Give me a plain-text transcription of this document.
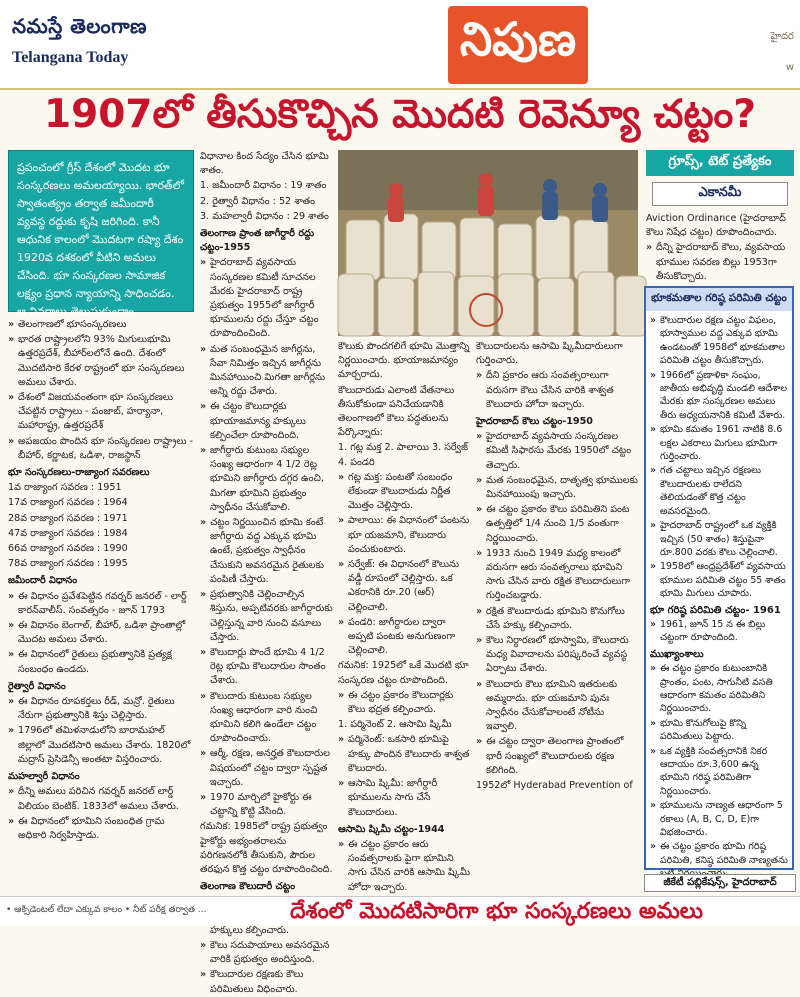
నమస్తే తెలంగాణ
Telangana Today	నిపుణ	హైదర
w
1907లో తీసుకొచ్చిన మొదటి రెవెన్యూ చట్టం?
ప్రపంచంలో గ్రీస్ దేశంలో మొదట భూ సంస్కరణలు అమలయ్యాయి. భారత్‌లో స్వాతంత్య్రం తర్వాత జమీందారీ వ్యవస్థ రద్దుకు కృషి జరిగింది. కానీ ఆధునిక కాలంలో మొదటగా రష్యా దేశం 1920వ దశకంలో వీటిని అమలు చేసింది. భూ సంస్కరణల సామాజిక లక్ష్యం ప్రధాన న్యాయాన్ని సాధించడం. ఆ వివరాలు తెలుసుకుందాం.
» తెలంగాణలో భూసంస్కరణలు
» భారత రాష్ట్రాలలోని 93% మిగులుభూమి ఉత్తరప్రదేశ్, బీహార్‌లలోనే ఉంది. దేశంలో మొదటిసారి కేరళ రాష్ట్రంలో భూ సంస్కరణలు అమలు చేశారు.
» దేశంలో విజయవంతంగా భూ సంస్కరణలు చేపట్టిన రాష్ట్రాలు - పంజాబ్, హర్యానా, మహారాష్ట్ర, ఉత్తరప్రదేశ్
» అపజయం పొందిన భూ సంస్కరణల రాష్ట్రాలు - బీహార్, కర్ణాటక, ఒడిశా, రాజస్థాన్
భూ సంస్కరణలు-రాజ్యాంగ సవరణలు
1వ రాజ్యాంగ సవరణ : 1951
17వ రాజ్యాంగ సవరణ : 1964
28వ రాజ్యాంగ సవరణ : 1971
47వ రాజ్యాంగ సవరణ : 1984
66వ రాజ్యాంగ సవరణ : 1990
78వ రాజ్యాంగ సవరణ : 1995
జమీందారీ విధానం
» ఈ విధానం ప్రవేశపెట్టిన గవర్నర్ జనరల్ - లార్డ్ కారన్‌వాలీస్. సంవత్సరం - జూన్ 1793
» ఈ విధానం బెంగాల్, బీహార్, ఒడిశా ప్రాంతాల్లో మొదట అమలు చేశారు.
» ఈ విధానంలో రైతులు ప్రభుత్వానికి ప్రత్యక్ష సంబంధం ఉండదు.
రైత్వారీ విధానం
» ఈ విధానం రూపకర్తలు రీడ్, మన్రో. రైతులు నేరుగా ప్రభుత్వానికి శిస్తు చెల్లిస్తారు.
» 1796లో తమిళనాడులోని బారామహల్ జిల్లాలో మొదటిసారి అమలు చేశారు. 1820లో మద్రాస్ ప్రెసిడెన్సీ అంతటా విస్తరించారు.
మహల్వారీ విధానం
» దీన్ని అమలు పరిచిన గవర్నర్ జనరల్ లార్డ్ విలియం బెంటిక్. 1833లో అమలు చేశారు.
» ఈ విధానంలో భూమిని సంబంధిత గ్రామ అధికారి నిర్వహిస్తాడు.
విధానాల కింద సేద్యం చేసిన భూమి శాతం.
1. జమీందారీ విధానం : 19 శాతం
2. రైత్వారీ విధానం : 52 శాతం
3. మహల్వారీ విధానం : 29 శాతం
తెలంగాణ ప్రాంత జాగీర్దారీ రద్దు చట్టం-1955
» హైదరాబాద్ వ్యవసాయ సంస్కరణల కమిటీ సూచనల మేరకు హైదరాబాద్ రాష్ట్ర ప్రభుత్వం 1955లో జాగీర్దారీ భూములను రద్దు చేస్తూ చట్టం రూపొందించింది.
» మత సంబంధమైన జాగీర్లను, సేవా నిమిత్తం ఇచ్చిన జాగీర్లను మినహాయించి మిగతా జాగీర్లను అన్ని రద్దు చేశారు.
» ఈ చట్టం కౌలుదార్లకు భూయాజమాన్య హక్కులు కల్పించేలా రూపొందింది.
» జాగీర్దారు కుటుంబ సభ్యుల సంఖ్య ఆధారంగా 4 1/2 రెట్ల భూమిని జాగీర్దారు దగ్గర ఉంచి, మిగతా భూమిని ప్రభుత్వం స్వాధీనం చేసుకోవాలి.
» చట్టం నిర్ణయించిన భూమి కంటే జాగీర్దారు వద్ద ఎక్కువ భూమి ఉంటే, ప్రభుత్వం స్వాధీనం చేసుకుని అవసరమైన రైతులకు పంపిణీ చేస్తారు.
» ప్రభుత్వానికి చెల్లించాల్సిన శిస్తును, అప్పటివరకు జాగీర్దారుకు చెల్లిస్తున్న వారి నుంచి వసూలు చేస్తారు.
» కౌలుదార్లు పొందే భూమి 4 1/2 రెట్ల భూమి కౌలుదారుల సొంతం చేశారు.
» కౌలుదారు కుటుంబ సభ్యుల సంఖ్య ఆధారంగా వారి నుంచి భూమిని కలిగి ఉండేలా చట్టం రూపొందించారు.
» ఆర్మీ, రక్షణ, అనర్హత కౌలుదారుల విషయంలో చట్టం ద్వారా స్పష్టత ఇచ్చారు.
» 1970 మార్చిలో హైకోర్టు ఈ చట్టాన్ని కొట్టి వేసింది.
గమనిక: 1985లో రాష్ట్ర ప్రభుత్వం హైకోర్టు అభ్యంతరాలను పరిగణనలోకి తీసుకుని, పౌరుల తరఫున కొత్త చట్టం రూపొందించింది.
తెలంగాణ కౌలుదారీ చట్టం
» హక్కులు కల్పించారు.
» కౌలు సదుపాయాలు అవసరమైన వారికి ప్రభుత్వం అందిస్తుంది.
» కౌలుదారుల రక్షణకు కౌలు పరిమితులు విధించారు.
కౌలుకు పొందగలిగే భూమి మొత్తాన్ని నిర్ణయించారు. భూయాజమాన్యం మార్చరాదు.
కౌలుదారుడు ఎలాంటి వేతనాలు తీసుకోకుండా పనిచేయడానికి తెలంగాణలో కౌలు పద్ధతులను పేర్కొన్నారు:
1. గట్ల మక్త 2. పాలాయి 3. సర్వేజ్ 4. పండరి
» గట్ల మక్త: పంటతో సంబంధం లేకుండా కౌలుదారుడు నిర్ణీత మొత్తం చెల్లిస్తారు.
» పాలాయి: ఈ విధానంలో పంటను భూ యజమాని, కౌలుదారు పంచుకుంటారు.
» సర్వేజ్: ఈ విధానంలో కౌలును వడ్డీ రూపంలో చెల్లిస్తారు. ఒక ఎకరానికి రూ.20 (ఆర్) చెల్లించాలి.
» పండరి: జాగీర్దారుల ద్వారా అప్పటి పంటకు అనుగుణంగా చెల్లించాలి.
గమనిక: 1925లో ఒకే మొదటి భూ సంస్కరణ చట్టం రూపొందింది.
» ఈ చట్టం ప్రకారం కౌలుదార్లకు కౌలు భద్రత కల్పించారు.
1. పర్మినెంట్ 2. ఆసామి ష్కిమీ
» పర్మినెంట్: ఒకసారి భూమిపై హక్కు పొందిన కౌలుదారు శాశ్వత కౌలుదారు.
» ఆసామి ష్కిమీ: జాగీర్దారీ భూములను సాగు చేసే కౌలుదారులు.
ఆసామి ష్కిమీ చట్టం-1944
» ఈ చట్టం ప్రకారం ఆరు సంవత్సరాలకు పైగా భూమిని సాగు చేసిన వారికి ఆసామి ష్కిమీ హోదా ఇచ్చారు.
కౌలుదారులను ఆసామి ష్కిమీదారులుగా గుర్తించారు.
» దీని ప్రకారం ఆరు సంవత్సరాలుగా వరుసగా కౌలు చేసిన వారికి శాశ్వత కౌలుదారు హోదా ఇచ్చారు.
హైదరాబాద్ కౌలు చట్టం-1950
» హైదరాబాద్ వ్యవసాయ సంస్కరణల కమిటీ సిఫారసు మేరకు 1950లో చట్టం తెచ్చారు.
» మత సంబంధమైన, దాతృత్వ భూములకు మినహాయింపు ఇచ్చారు.
» ఈ చట్టం ప్రకారం కౌలు పరిమితిని పంట ఉత్పత్తిలో 1/4 నుంచి 1/5 వంతుగా నిర్ణయించారు.
» 1933 నుంచి 1949 మధ్య కాలంలో వరుసగా ఆరు సంవత్సరాలు భూమిని సాగు చేసిన వారు రక్షిత కౌలుదారులుగా గుర్తించబడ్డారు.
» రక్షిత కౌలుదారుడు భూమిని కొనుగోలు చేసే హక్కు కల్పించారు.
» కౌలు నిర్ధారణలో భూస్వామి, కౌలుదారు మధ్య వివాదాలను పరిష్కరించే వ్యవస్థ ఏర్పాటు చేశారు.
» కౌలుదారు కౌలు భూమిని ఇతరులకు అమ్మరాదు. భూ యజమాని పునః స్వాధీనం చేసుకోవాలంటే నోటీసు ఇవ్వాలి.
» ఈ చట్టం ద్వారా తెలంగాణ ప్రాంతంలో భారీ సంఖ్యలో కౌలుదారులకు రక్షణ కలిగింది.
1952లో Hyderabad Prevention of
గ్రూప్స్, టెట్ ప్రత్యేకం
ఎకానమీ
Aviction Ordinance (హైదరాబాద్ కౌలు నిషేధ చట్టం) రూపొందించారు.
» దీన్ని హైదరాబాద్ కౌలు, వ్యవసాయ భూముల సవరణ బిల్లు 1953గా తీసుకొచ్చారు.
భూకమతాల గరిష్ఠ పరిమితి చట్టం
» కౌలుదారుల రక్షణ చట్టం విఫలం, భూస్వాముల వద్ద ఎక్కువ భూమి ఉండటంతో 1958లో భూకమతాల పరిమితి చట్టం తీసుకొచ్చారు.
» 1966లో ప్రణాళికా సంఘం, జాతీయ అభివృద్ధి మండలి ఆదేశాల మేరకు భూ సంస్కరణల అమలు తీరు అధ్యయనానికి కమిటీ వేశారు.
» భూమి కమతం 1961 నాటికి 8.6 లక్షల ఎకరాలు మిగులు భూమిగా గుర్తించారు.
» గత చట్టాలు ఇచ్చిన రక్షణలు కౌలుదారులకు రాలేదని తెలియడంతో కొత్త చట్టం అవసరమైంది.
» హైదరాబాద్ రాష్ట్రంలో ఒక వ్యక్తికి ఇచ్చిన (50 శాతం) శిస్తుపైనా రూ.800 వరకు కౌలు చెల్లించాలి.
» 1958లో ఆంధ్రప్రదేశ్‌లో వ్యవసాయ భూముల పరిమితి చట్టం 55 శాతం భూమి మిగులు చూపారు.
భూ గరిష్ఠ పరిమితి చట్టం- 1961
» 1961, జూన్ 15 న ఈ బిల్లు చట్టంగా రూపొందింది.
ముఖ్యాంశాలు
» ఈ చట్టం ప్రకారం కుటుంబానికి ప్రాంతం, పంట, సాగునీటి వసతి ఆధారంగా కమతం పరిమితిని నిర్ణయించారు.
» భూమి కొనుగోలుపై కొన్ని పరిమితులు పెట్టారు.
» ఒక వ్యక్తికి సంవత్సరానికి నికర ఆదాయం రూ.3,600 ఉన్న భూమిని గరిష్ఠ పరిమితిగా నిర్ణయించారు.
» భూములను నాణ్యత ఆధారంగా 5 రకాలు (A, B, C, D, E)గా విభజించారు.
» ఈ చట్టం ప్రకారం భూమి గరిష్ఠ పరిమితి, కనిష్ఠ పరిమితి నాణ్యతను
జీకేటీ పబ్లికేషన్స్, హైదరాబాద్
• ఆక్సిడెంటల్ లేదా ఎక్కువ కాలం • నీట్ పరీక్ష తర్వాత ...	దేశంలో మొదటిసారిగా భూ సంస్కరణలు అమలు
